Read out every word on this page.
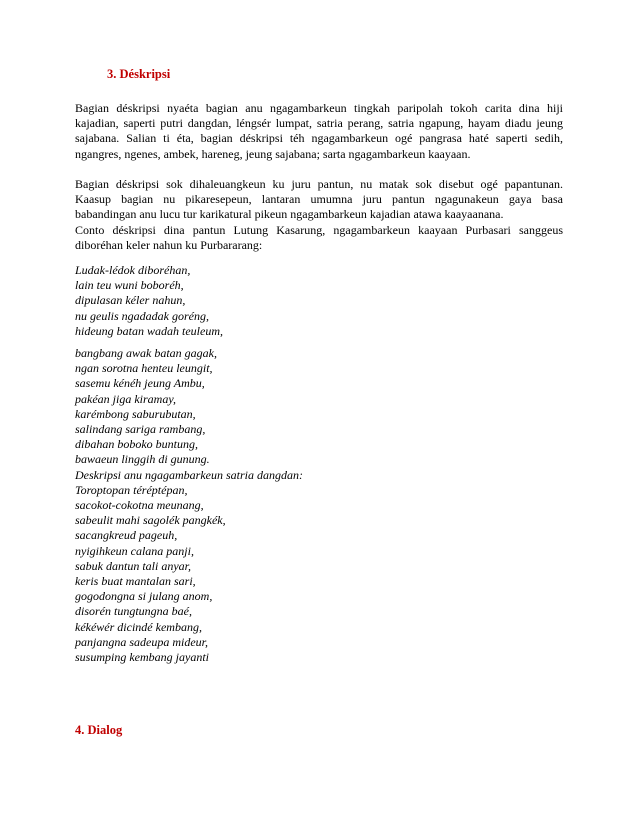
3. Déskripsi
Bagian déskripsi nyaéta bagian anu ngagambarkeun tingkah paripolah tokoh carita dina hiji
kajadian, saperti putri dangdan, léngsér lumpat, satria perang, satria ngapung, hayam diadu jeung
sajabana. Salian ti éta, bagian déskripsi téh ngagambarkeun ogé pangrasa haté saperti sedih,
ngangres, ngenes, ambek, hareneg, jeung sajabana; sarta ngagambarkeun kaayaan.
Bagian déskripsi sok dihaleuangkeun ku juru pantun, nu matak sok disebut ogé papantunan.
Kaasup bagian nu pikaresepeun, lantaran umumna juru pantun ngagunakeun gaya basa
babandingan anu lucu tur karikatural pikeun ngagambarkeun kajadian atawa kaayaanana.
Conto déskripsi dina pantun Lutung Kasarung, ngagambarkeun kaayaan Purbasari sanggeus
diboréhan keler nahun ku Purbararang:
Ludak-lédok diboréhan,
lain teu wuni boboréh,
dipulasan kéler nahun,
nu geulis ngadadak goréng,
hideung batan wadah teuleum,
bangbang awak batan gagak,
ngan sorotna henteu leungit,
sasemu kénéh jeung Ambu,
pakéan jiga kiramay,
karémbong saburubutan,
salindang sariga rambang,
dibahan boboko buntung,
bawaeun linggih di gunung.
Deskripsi anu ngagambarkeun satria dangdan:
Toroptopan téréptépan,
sacokot-cokotna meunang,
sabeulit mahi sagolék pangkék,
sacangkreud pageuh,
nyigihkeun calana panji,
sabuk dantun tali anyar,
keris buat mantalan sari,
gogodongna si julang anom,
disorén tungtungna baé,
kékéwér dicindé kembang,
panjangna sadeupa mideur,
susumping kembang jayanti
4. Dialog
